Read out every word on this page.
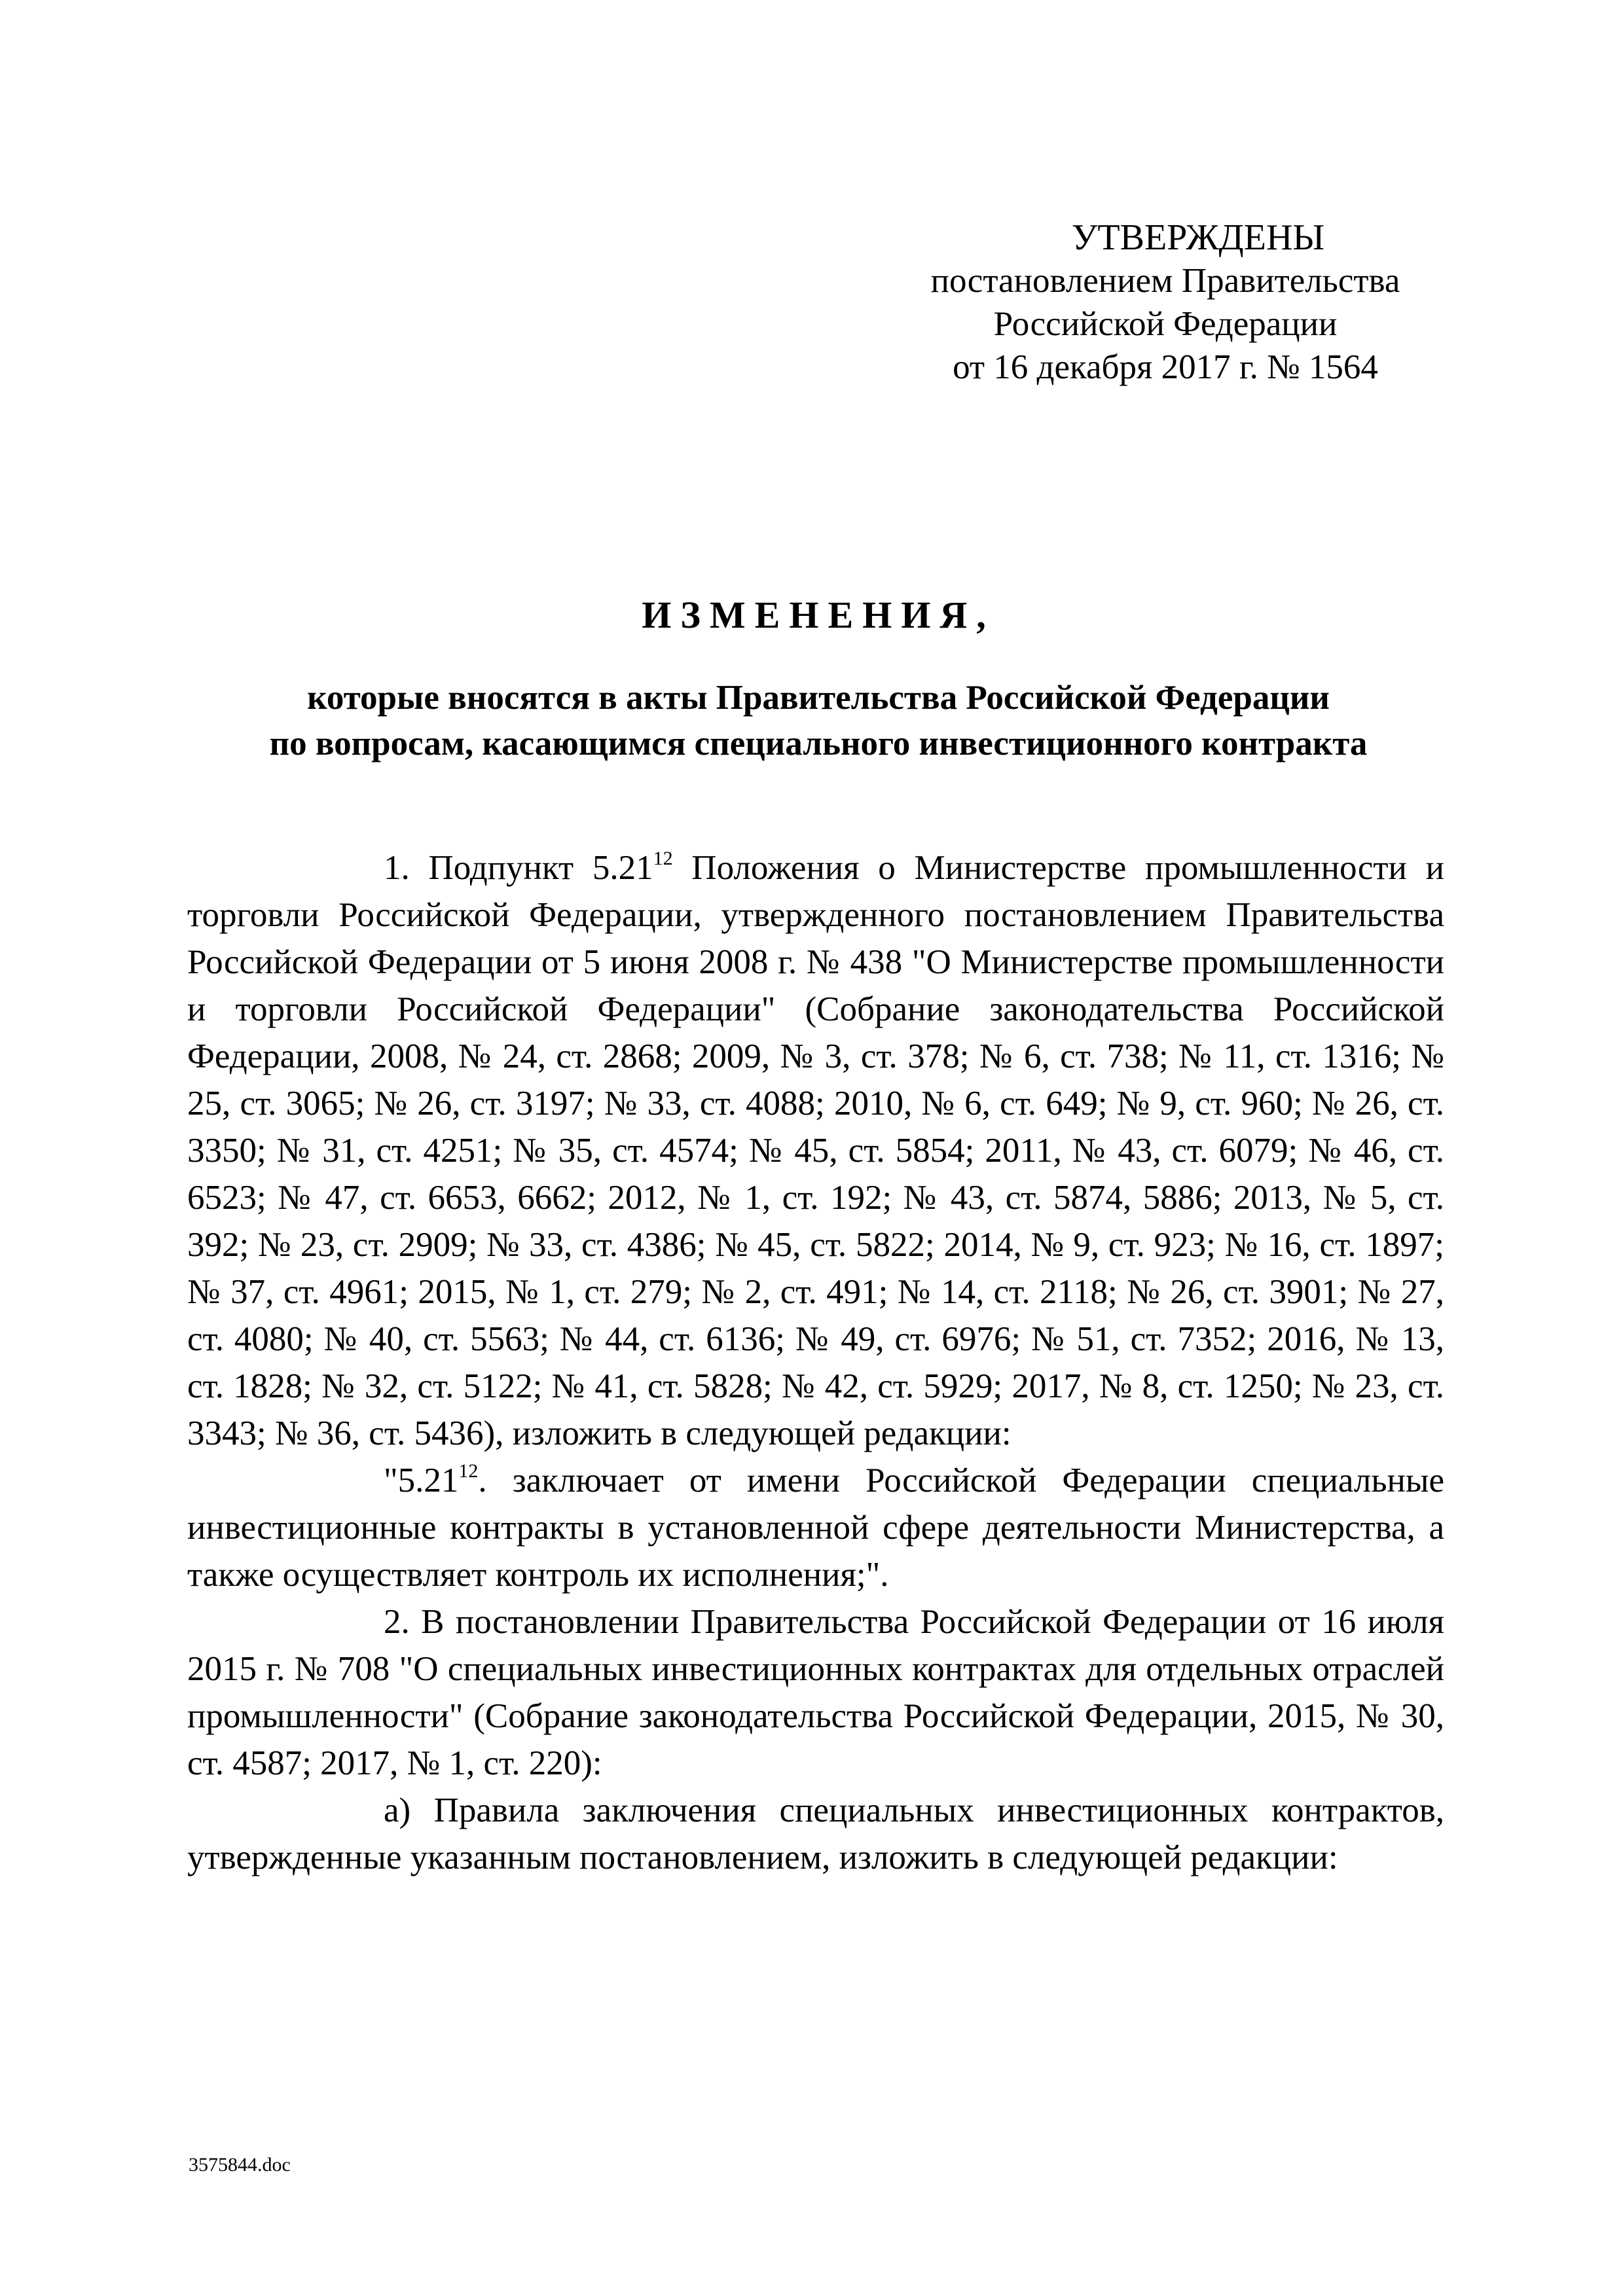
УТВЕРЖДЕНЫ
постановлением Правительства
Российской Федерации
от 16 декабря 2017 г. № 1564
ИЗМЕНЕНИЯ,
которые вносятся в акты Правительства Российской Федерации
по вопросам, касающимся специального инвестиционного контракта

1. Подпункт 5.21$^{12}$ Положения о Министерстве промышленности и торговли Российской Федерации, утвержденного постановлением Правительства Российской Федерации от 5 июня 2008 г. № 438 "О Министерстве промышленности и торговли Российской Федерации" (Собрание законодательства Российской Федерации, 2008, № 24, ст. 2868; 2009, № 3, ст. 378; № 6, ст. 738; № 11, ст. 1316; № 25, ст. 3065; № 26, ст. 3197; № 33, ст. 4088; 2010, № 6, ст. 649; № 9, ст. 960; № 26, ст. 3350; № 31, ст. 4251; № 35, ст. 4574; № 45, ст. 5854; 2011, № 43, ст. 6079; № 46, ст. 6523; № 47, ст. 6653, 6662; 2012, № 1, ст. 192; № 43, ст. 5874, 5886; 2013, № 5, ст. 392; № 23, ст. 2909; № 33, ст. 4386; № 45, ст. 5822; 2014, № 9, ст. 923; № 16, ст. 1897; № 37, ст. 4961; 2015, № 1, ст. 279; № 2, ст. 491; № 14, ст. 2118; № 26, ст. 3901; № 27, ст. 4080; № 40, ст. 5563; № 44, ст. 6136; № 49, ст. 6976; № 51, ст. 7352; 2016, № 13, ст. 1828; № 32, ст. 5122; № 41, ст. 5828; № 42, ст. 5929; 2017, № 8, ст. 1250; № 23, ст. 3343; № 36, ст. 5436), изложить в следующей редакции:

"5.21$^{12}$. заключает от имени Российской Федерации специальные инвестиционные контракты в установленной сфере деятельности Министерства, а также осуществляет контроль их исполнения;".

2. В постановлении Правительства Российской Федерации от 16 июля 2015 г. № 708 "О специальных инвестиционных контрактах для отдельных отраслей промышленности" (Собрание законодательства Российской Федерации, 2015, № 30, ст. 4587; 2017, № 1, ст. 220):

а) Правила заключения специальных инвестиционных контрактов, утвержденные указанным постановлением, изложить в следующей редакции:

3575844.doc
